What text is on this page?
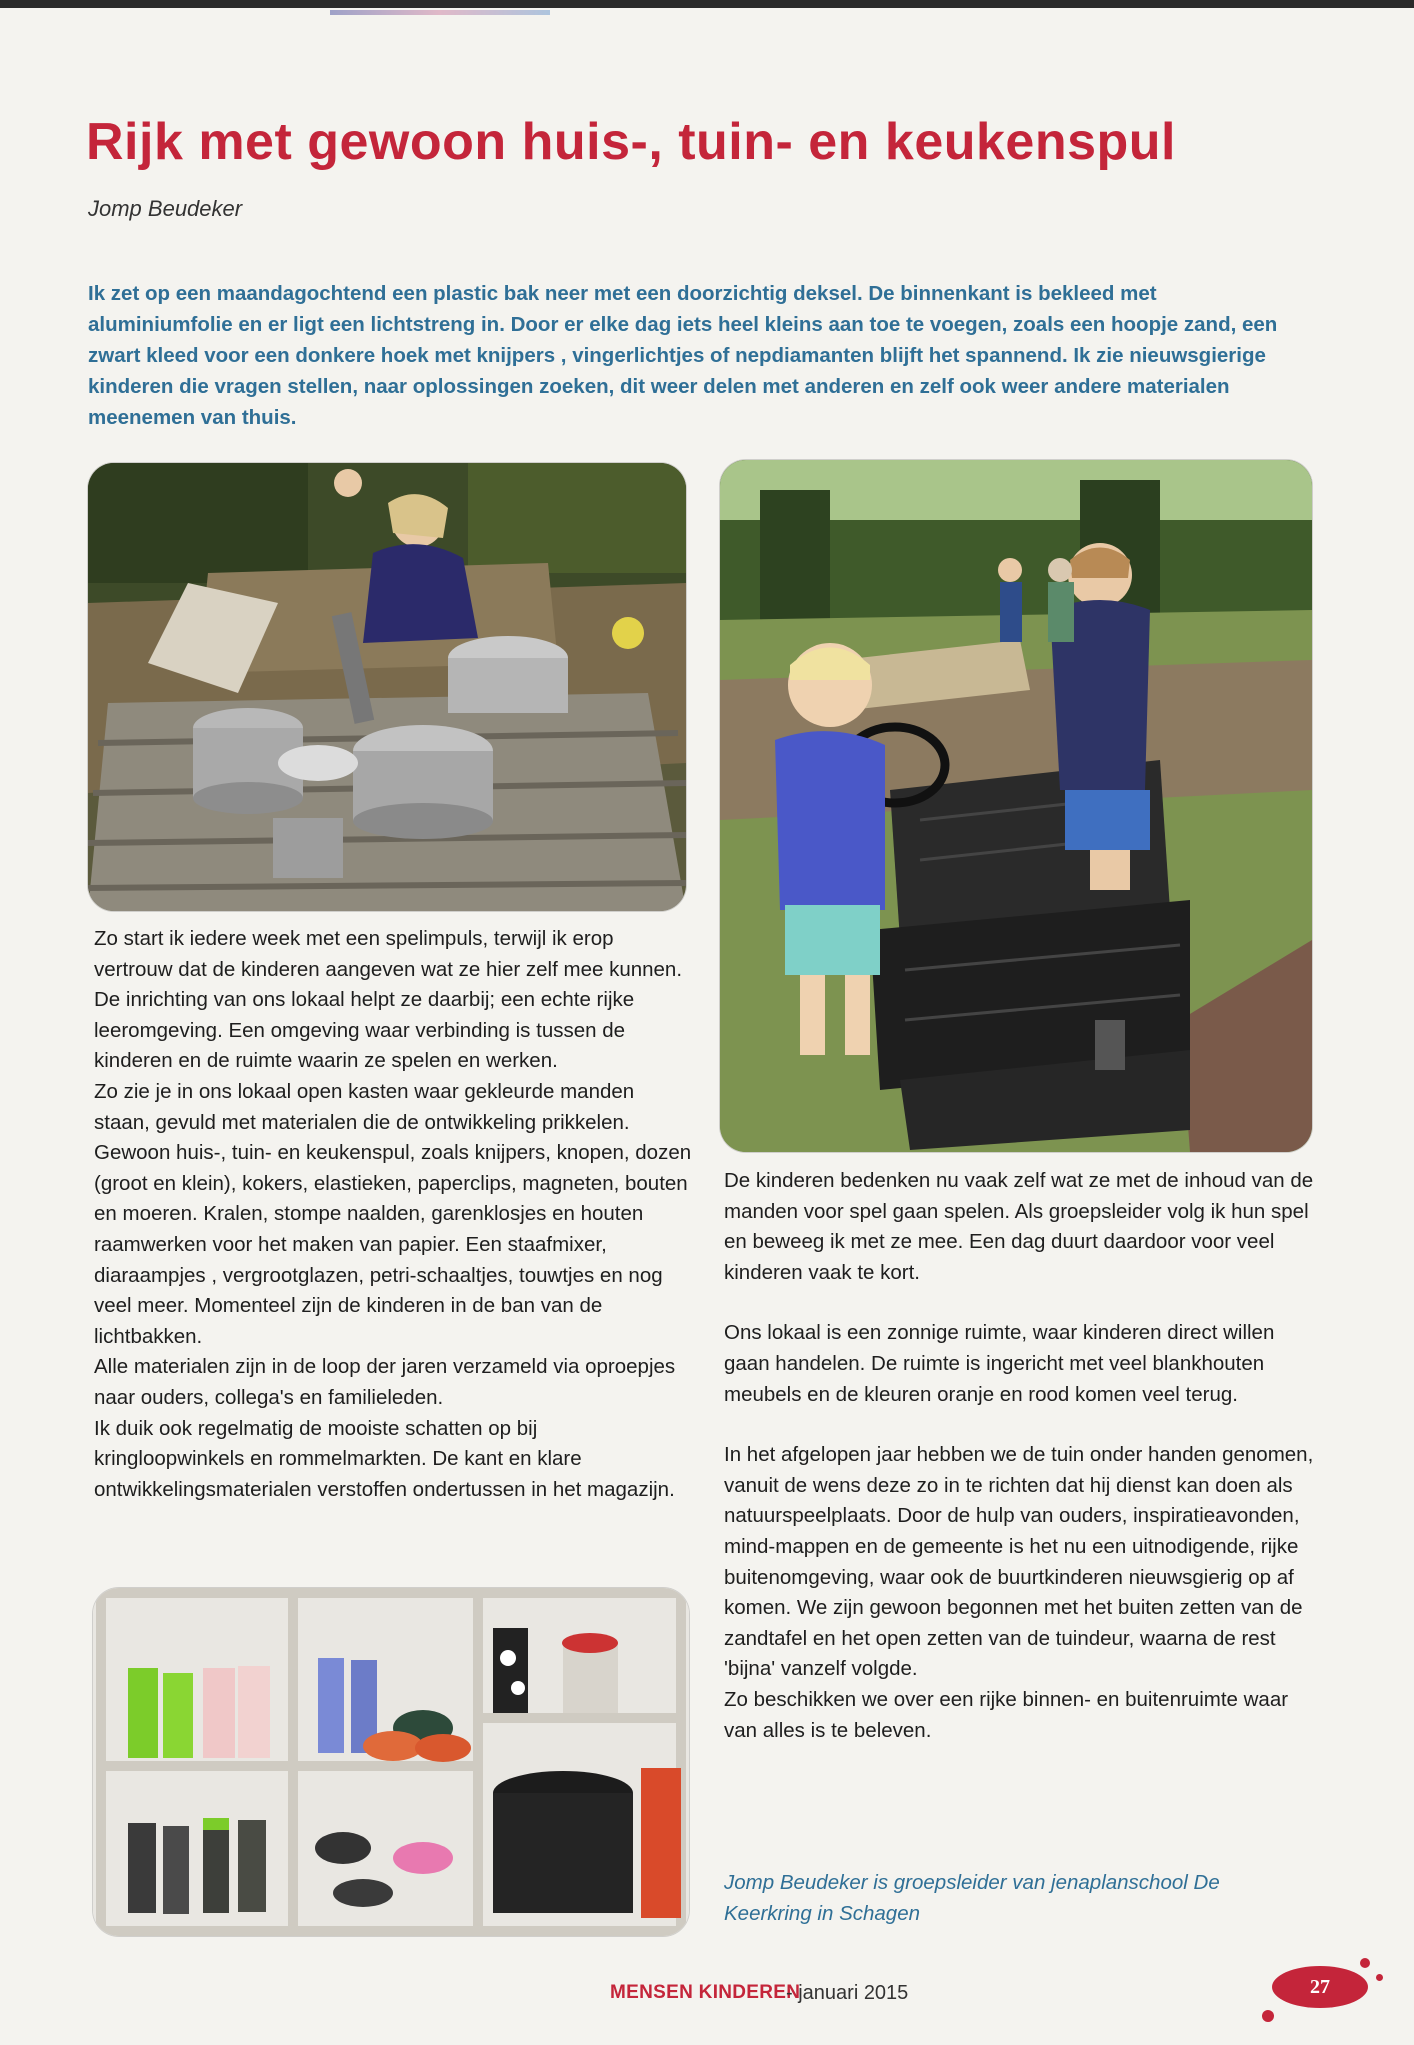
Rijk met gewoon huis-, tuin- en keukenspul
Jomp Beudeker
Ik zet op een maandagochtend een plastic bak neer met een doorzichtig deksel. De binnenkant is bekleed met aluminiumfolie en er ligt een lichtstreng in. Door er elke dag iets heel kleins aan toe te voegen, zoals een hoopje zand, een zwart kleed voor een donkere hoek met knijpers , vingerlichtjes of nepdiamanten blijft het spannend. Ik zie nieuwsgierige kinderen die vragen stellen, naar oplossingen zoeken, dit weer delen met anderen en zelf ook weer andere materialen meenemen van thuis.

Zo start ik iedere week met een spelimpuls, terwijl ik erop vertrouw dat de kinderen aangeven wat ze hier zelf mee kunnen. De inrichting van ons lokaal helpt ze daarbij; een echte rijke leeromgeving. Een omgeving waar verbinding is tussen de kinderen en de ruimte waarin ze spelen en werken.

Zo zie je in ons lokaal open kasten waar gekleurde manden staan, gevuld met materialen die de ontwikkeling prikkelen. Gewoon huis-, tuin- en keukenspul, zoals knijpers, knopen, dozen (groot en klein), kokers, elastieken, paperclips, magneten, bouten en moeren. Kralen, stompe naalden, garenklosjes en houten raamwerken voor het maken van papier. Een staafmixer, diaraampjes , vergrootglazen, petri-schaaltjes, touwtjes en nog veel meer. Momenteel zijn de kinderen in de ban van de lichtbakken.

Alle materialen zijn in de loop der jaren verzameld via oproepjes naar ouders, collega's en familieleden.

Ik duik ook regelmatig de mooiste schatten op bij kringloopwinkels en rommelmarkten. De kant en klare ontwikkelingsmaterialen verstoffen ondertussen in het magazijn.

De kinderen bedenken nu vaak zelf wat ze met de inhoud van de manden voor spel gaan spelen. Als groepsleider volg ik hun spel en beweeg ik met ze mee. Een dag duurt daardoor voor veel kinderen vaak te kort.

Ons lokaal is een zonnige ruimte, waar kinderen direct willen gaan handelen. De ruimte is ingericht met veel blankhouten meubels en de kleuren oranje en rood komen veel terug.

In het afgelopen jaar hebben we de tuin onder handen genomen, vanuit de wens deze zo in te richten dat hij dienst kan doen als natuurspeelplaats. Door de hulp van ouders, inspiratieavonden, mind-mappen en de gemeente is het nu een uitnodigende, rijke buitenomgeving, waar ook de buurtkinderen nieuwsgierig op af komen. We zijn gewoon begonnen met het buiten zetten van de zandtafel en het open zetten van de tuindeur, waarna de rest 'bijna' vanzelf volgde.

Zo beschikken we over een rijke binnen- en buitenruimte waar van alles is te beleven.

Jomp Beudeker is groepsleider van jenaplanschool De Keerkring in Schagen
MENSEN KINDEREN
- januari 2015	27
